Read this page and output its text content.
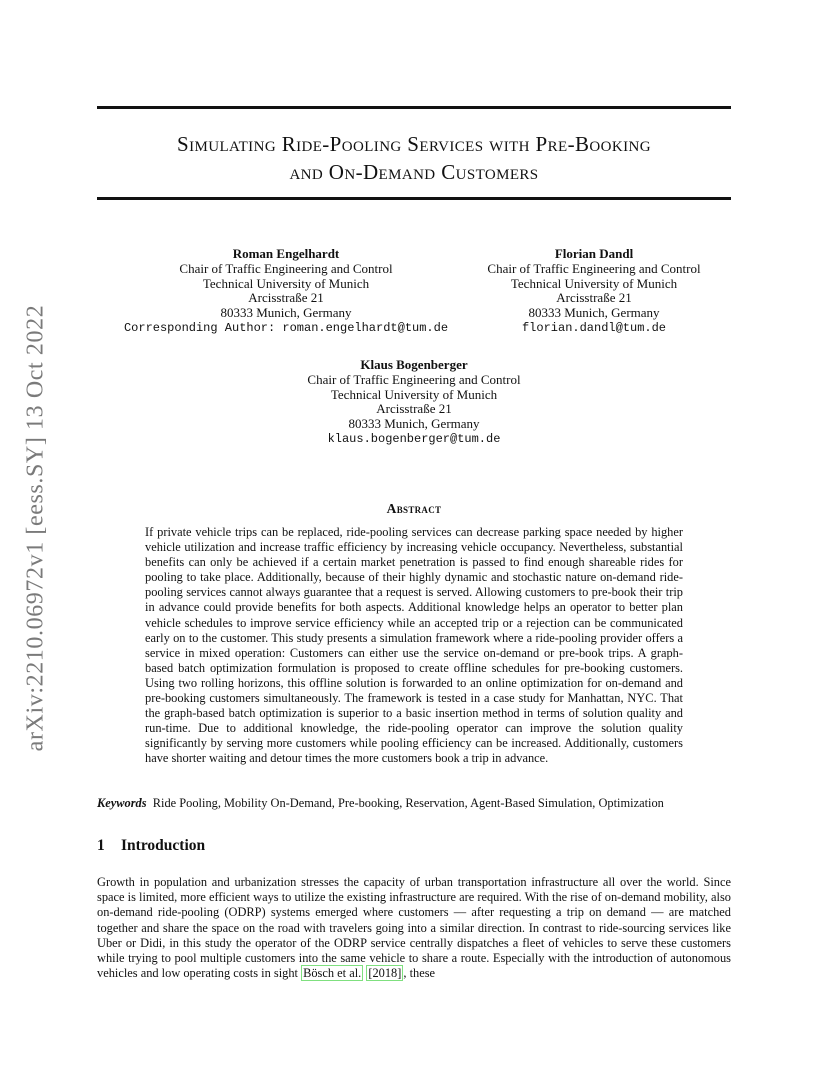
arXiv:2210.06972v1 [eess.SY] 13 Oct 2022
Simulating Ride-Pooling Services with Pre-Booking
and On-Demand Customers
Roman Engelhardt
Chair of Traffic Engineering and Control
Technical University of Munich
Arcisstraße 21
80333 Munich, Germany
Corresponding Author: roman.engelhardt@tum.de
Florian Dandl
Chair of Traffic Engineering and Control
Technical University of Munich
Arcisstraße 21
80333 Munich, Germany
florian.dandl@tum.de
Klaus Bogenberger
Chair of Traffic Engineering and Control
Technical University of Munich
Arcisstraße 21
80333 Munich, Germany
klaus.bogenberger@tum.de
Abstract
If private vehicle trips can be replaced, ride-pooling services can decrease parking space needed by higher vehicle utilization and increase traffic efficiency by increasing vehicle occupancy. Nevertheless, substantial benefits can only be achieved if a certain market penetration is passed to find enough shareable rides for pooling to take place. Additionally, because of their highly dynamic and stochastic nature on-demand ride-pooling services cannot always guarantee that a request is served. Allowing customers to pre-book their trip in advance could provide benefits for both aspects. Additional knowledge helps an operator to better plan vehicle schedules to improve service efficiency while an accepted trip or a rejection can be communicated early on to the customer. This study presents a simulation framework where a ride-pooling provider offers a service in mixed operation: Customers can either use the service on-demand or pre-book trips. A graph-based batch optimization formulation is proposed to create offline schedules for pre-booking customers. Using two rolling horizons, this offline solution is forwarded to an online optimization for on-demand and pre-booking customers simultaneously. The framework is tested in a case study for Manhattan, NYC. That the graph-based batch optimization is superior to a basic insertion method in terms of solution quality and run-time. Due to additional knowledge, the ride-pooling operator can improve the solution quality significantly by serving more customers while pooling efficiency can be increased. Additionally, customers have shorter waiting and detour times the more customers book a trip in advance.
Keywords Ride Pooling, Mobility On-Demand, Pre-booking, Reservation, Agent-Based Simulation, Optimization
1 Introduction
Growth in population and urbanization stresses the capacity of urban transportation infrastructure all over the world. Since space is limited, more efficient ways to utilize the existing infrastructure are required. With the rise of on-demand mobility, also on-demand ride-pooling (ODRP) systems emerged where customers — after requesting a trip on demand — are matched together and share the space on the road with travelers going into a similar direction. In contrast to ride-sourcing services like Uber or Didi, in this study the operator of the ODRP service centrally dispatches a fleet of vehicles to serve these customers while trying to pool multiple customers into the same vehicle to share a route. Especially with the introduction of autonomous vehicles and low operating costs in sight Bösch et al. [2018] , these
